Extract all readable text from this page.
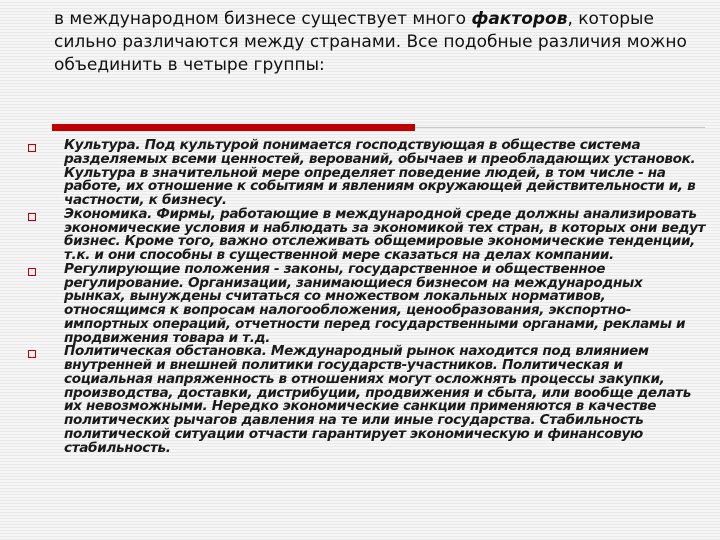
в международном бизнесе существует много факторов, которые сильно различаются между странами. Все подобные различия можно объединить в четыре группы:

Культура. Под культурой понимается господствующая в обществе система разделяемых всеми ценностей, верований, обычаев и преобладающих установок. Культура в значительной мере определяет поведение людей, в том числе - на работе, их отношение к событиям и явлениям окружающей действительности и, в частности, к бизнесу.
Экономика. Фирмы, работающие в международной среде должны анализировать экономические условия и наблюдать за экономикой тех стран, в которых они ведут бизнес. Кроме того, важно отслеживать общемировые экономические тенденции, т.к. и они способны в существенной мере сказаться на делах компании.
Регулирующие положения - законы, государственное и общественное регулирование. Организации, занимающиеся бизнесом на международных рынках, вынуждены считаться со множеством локальных нормативов, относящимся к вопросам налогообложения, ценообразования, экспортно-импортных операций, отчетности перед государственными органами, рекламы и продвижения товара и т.д.
Политическая обстановка. Международный рынок находится под влиянием внутренней и внешней политики государств-участников. Политическая и социальная напряженность в отношениях могут осложнять процессы закупки, производства, доставки, дистрибуции, продвижения и сбыта, или вообще делать их невозможными. Нередко экономические санкции применяются в качестве политических рычагов давления на те или иные государства. Стабильность политической ситуации отчасти гарантирует экономическую и финансовую стабильность.
